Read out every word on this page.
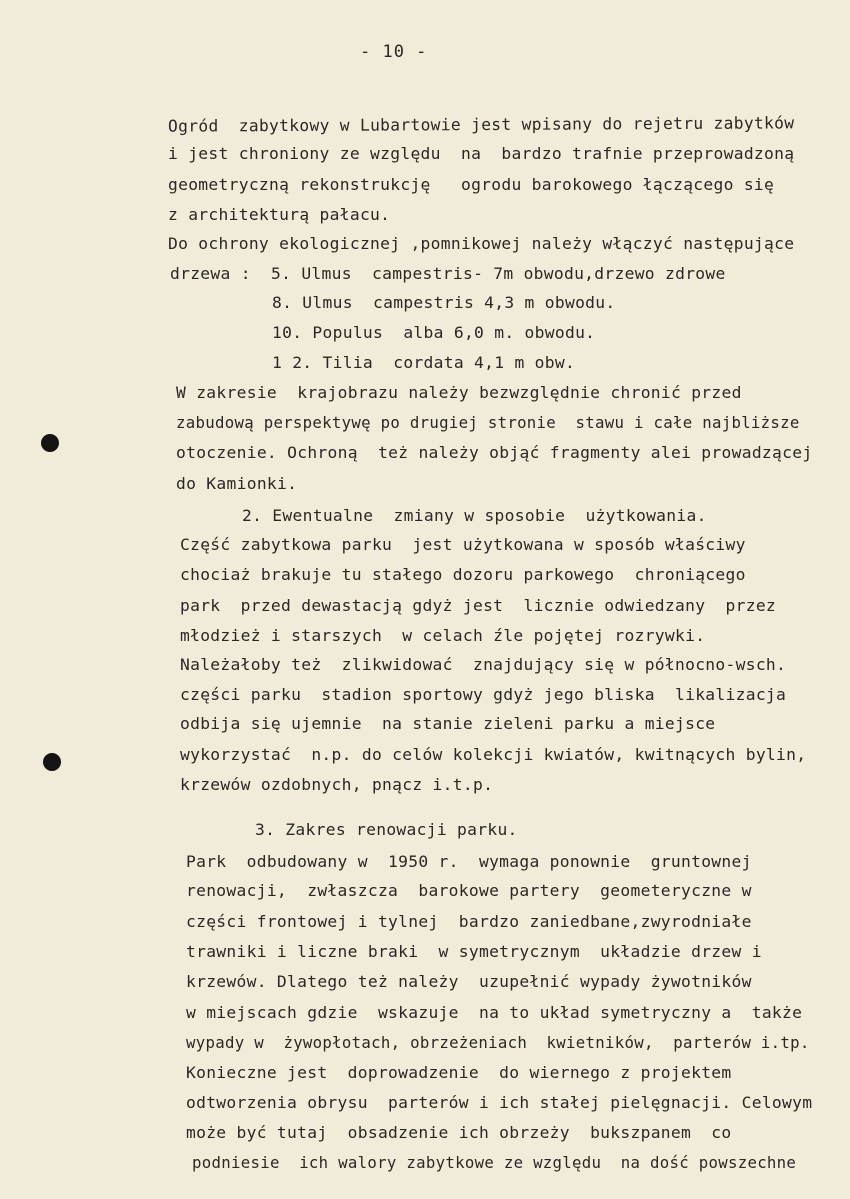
- 10 -
Ogród  zabytkowy w Lubartowie jest wpisany do rejetru zabytków
i jest chroniony ze względu  na  bardzo trafnie przeprowadzoną
geometryczną rekonstrukcję   ogrodu barokowego łączącego się
z architekturą pałacu.
Do ochrony ekologicznej ,pomnikowej należy włączyć następujące
drzewa :  5. Ulmus  campestris- 7m obwodu,drzewo zdrowe
8. Ulmus  campestris 4,3 m obwodu.
10. Populus  alba 6,0 m. obwodu.
1 2. Tilia  cordata 4,1 m obw.
W zakresie  krajobrazu należy bezwzględnie chronić przed
zabudową perspektywę po drugiej stronie  stawu i całe najbliższe
otoczenie. Ochroną  też należy objąć fragmenty alei prowadzącej
do Kamionki.
2. Ewentualne  zmiany w sposobie  użytkowania.
Część zabytkowa parku  jest użytkowana w sposób właściwy
chociaż brakuje tu stałego dozoru parkowego  chroniącego
park  przed dewastacją gdyż jest  licznie odwiedzany  przez
młodzież i starszych  w celach źle pojętej rozrywki.
Należałoby też  zlikwidować  znajdujący się w północno-wsch.
części parku  stadion sportowy gdyż jego bliska  likalizacja
odbija się ujemnie  na stanie zieleni parku a miejsce
wykorzystać  n.p. do celów kolekcji kwiatów, kwitnących bylin,
krzewów ozdobnych, pnącz i.t.p.
3. Zakres renowacji parku.
Park  odbudowany w  1950 r.  wymaga ponownie  gruntownej
renowacji,  zwłaszcza  barokowe partery  geometeryczne w
części frontowej i tylnej  bardzo zaniedbane,zwyrodniałe
trawniki i liczne braki  w symetrycznym  układzie drzew i
krzewów. Dlatego też należy  uzupełnić wypady żywotników
w miejscach gdzie  wskazuje  na to układ symetryczny a  także
wypady w  żywopłotach, obrzeżeniach  kwietników,  parterów i.tp.
Konieczne jest  doprowadzenie  do wiernego z projektem
odtworzenia obrysu  parterów i ich stałej pielęgnacji. Celowym
może być tutaj  obsadzenie ich obrzeży  bukszpanem  co
podniesie  ich walory zabytkowe ze względu  na dość powszechne
